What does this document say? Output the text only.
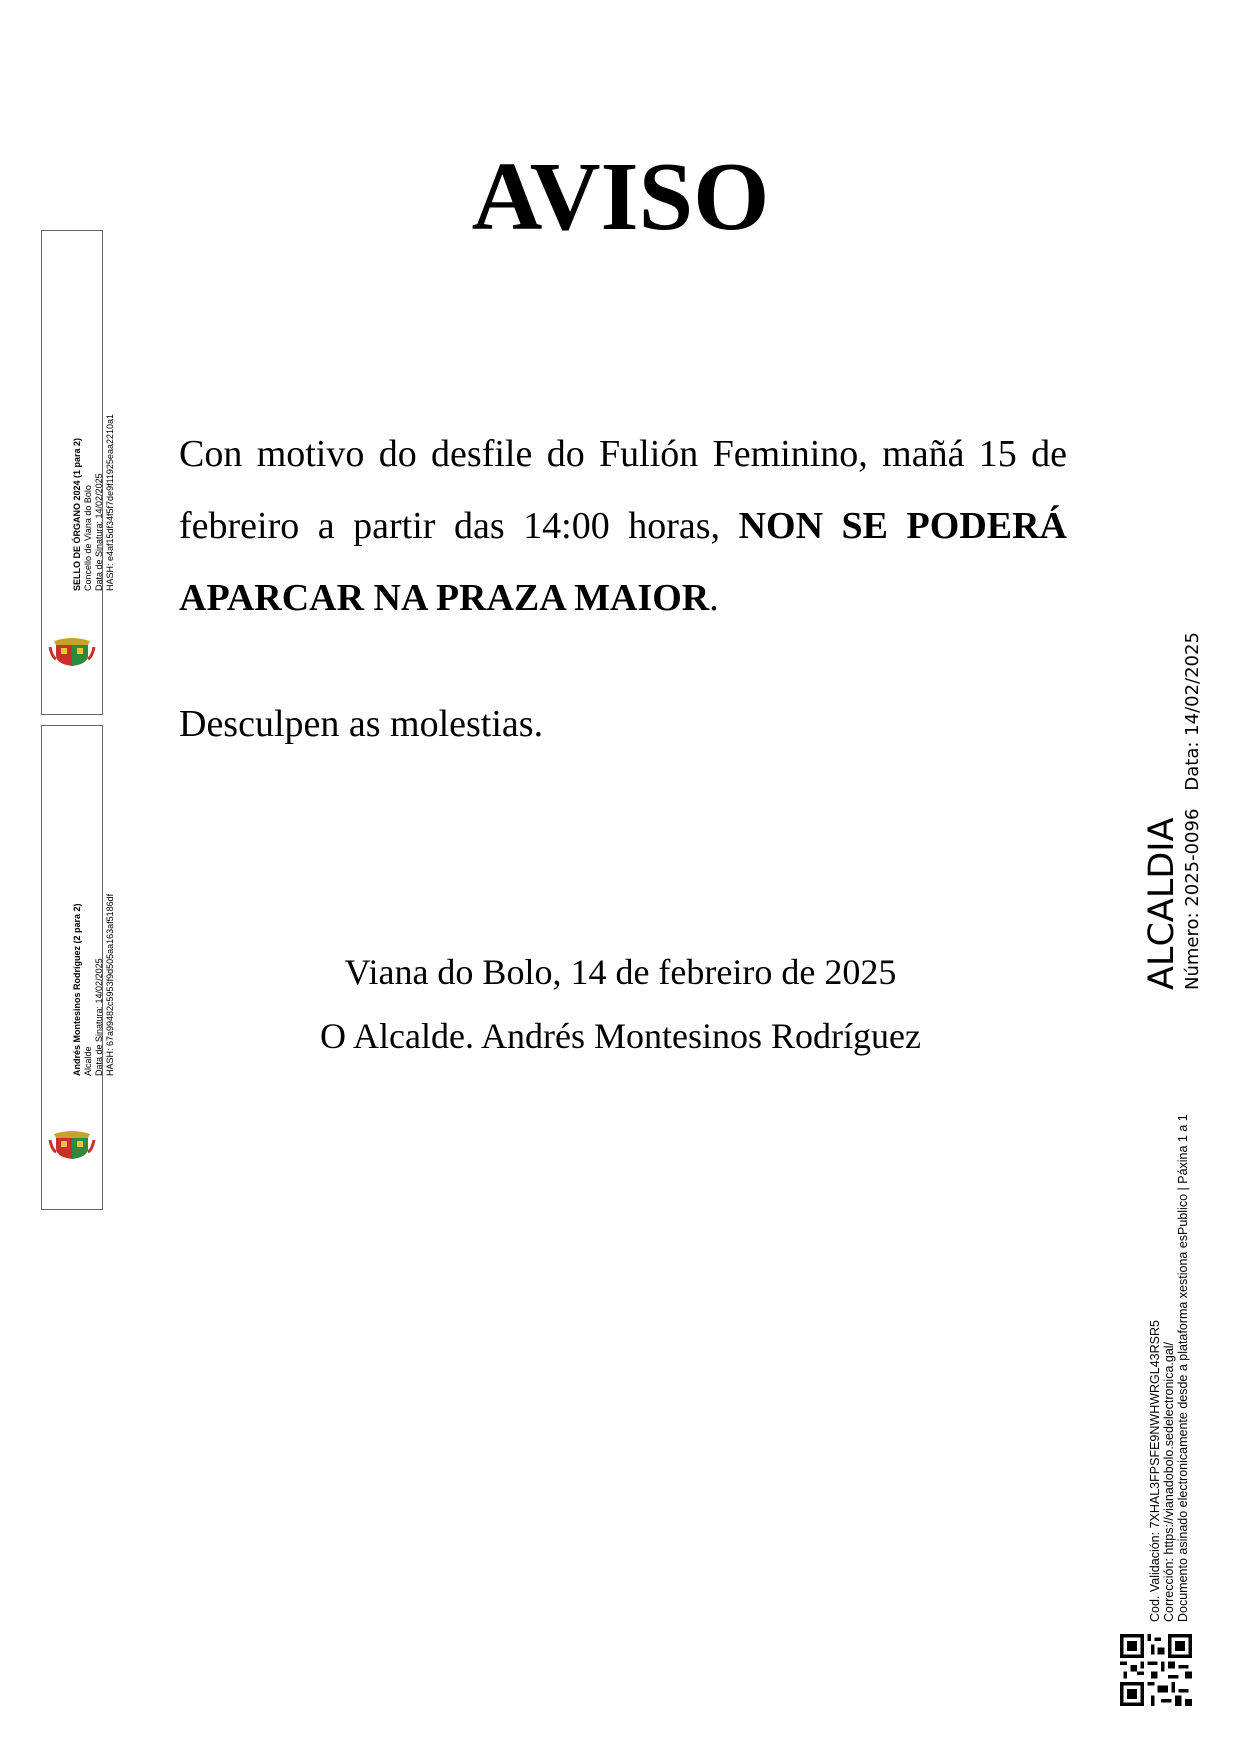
AVISO
Con motivo do desfile do Fulión Feminino, mañá 15 de febreiro a partir das 14:00 horas, NON SE PODERÁ APARCAR NA PRAZA MAIOR.
Desculpen as molestias.
Viana do Bolo, 14 de febreiro de 2025
O Alcalde. Andrés Montesinos Rodríguez
SELLO DE ÓRGANO 2024 (1 para 2) Concello de Viana do Bolo Data de Sinatura: 14/02/2025 HASH: e4af15df34f5f7de9f11925eaa2210a1
Andrés Montesinos Rodríguez (2 para 2) Alcalde Data de Sinatura: 14/02/2025 HASH: 67a99482c5953f9d505aa163af5186df	ALCALDIA Número: 2025-0096Data: 14/02/2025
Cod. Validación: 7XHAL3FPSFE9NWHWRGL43RSR5 Corrección: https://vianadobolo.sedelectronica.gal/ Documento asinado electronicamente desde a plataforma xestiona esPublico | Páxina 1 a 1
